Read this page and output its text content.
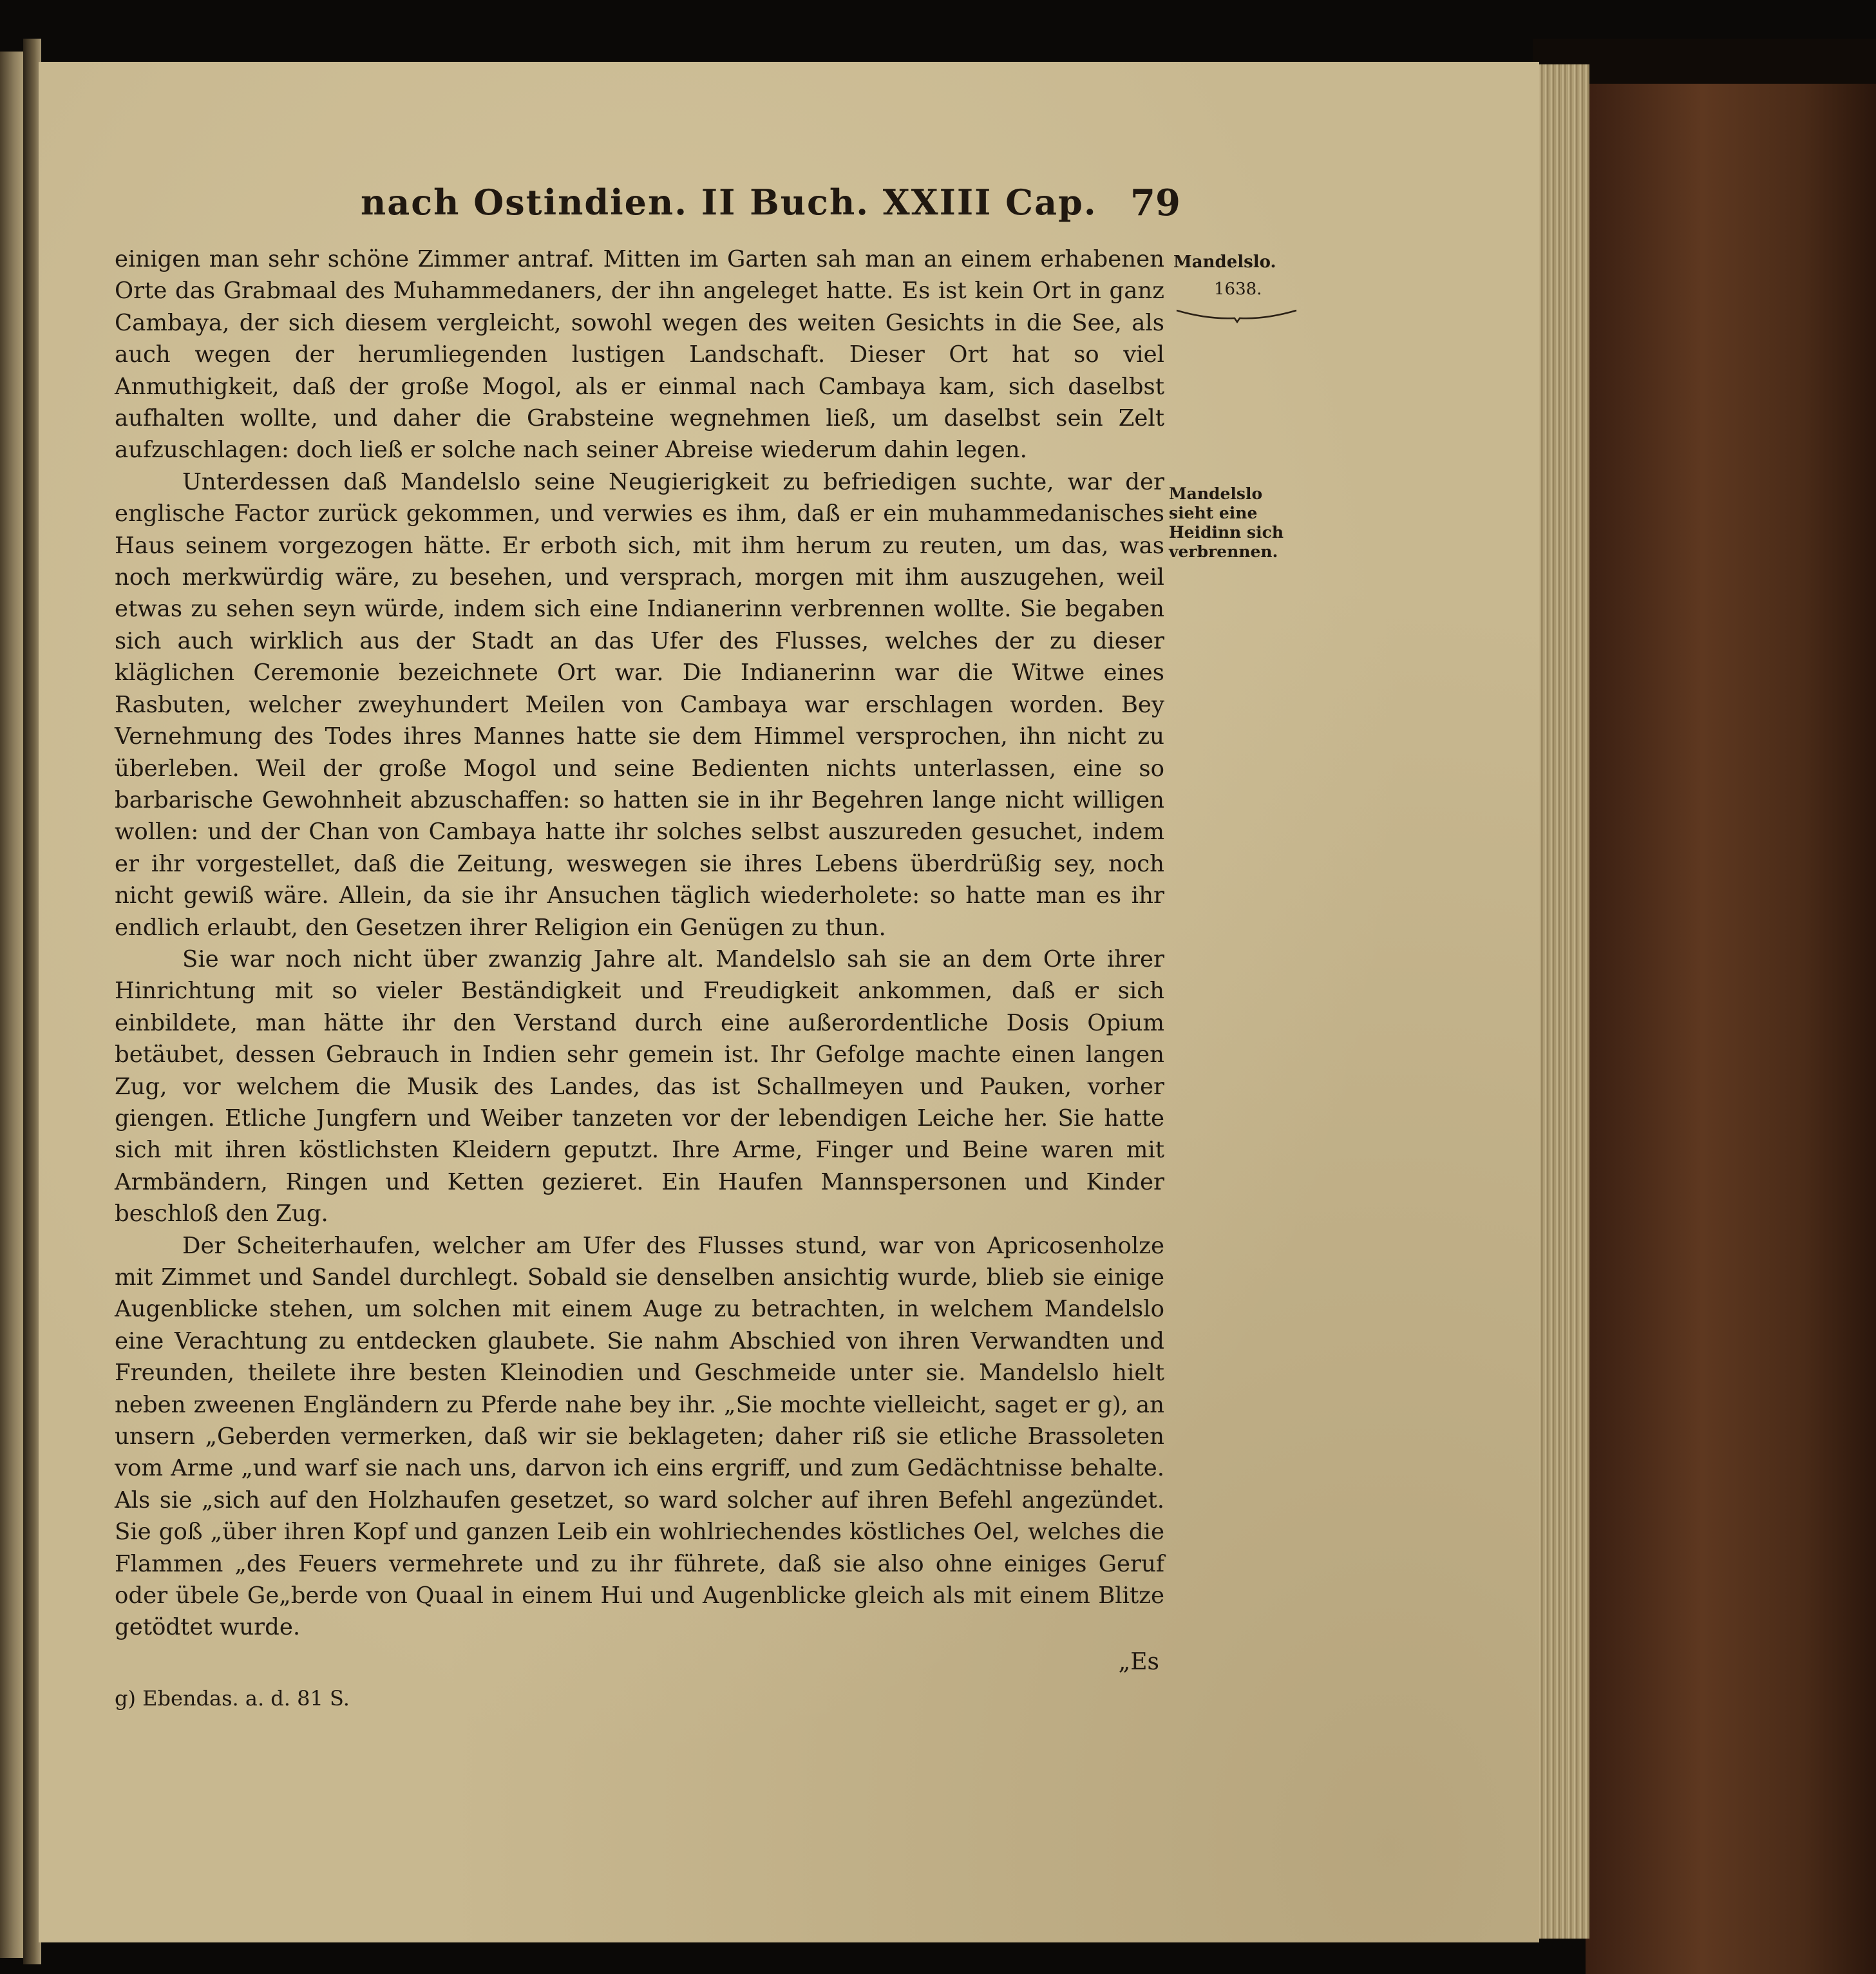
nach Ostindien. II Buch. XXIII Cap. 79
Mandelslo.
1638.
Mandelslo sieht eine Heidinn sich verbrennen.

einigen man sehr schöne Zimmer antraf. Mitten im Garten sah man an einem erhabenen Orte das Grabmaal des Muhammedaners, der ihn angeleget hatte. Es ist kein Ort in ganz Cambaya, der sich diesem vergleicht, sowohl wegen des weiten Gesichts in die See, als auch wegen der herumliegenden lustigen Landschaft. Dieser Ort hat so viel Anmuthigkeit, daß der große Mogol, als er einmal nach Cambaya kam, sich daselbst aufhalten wollte, und daher die Grabsteine wegnehmen ließ, um daselbst sein Zelt aufzuschlagen: doch ließ er solche nach seiner Abreise wiederum dahin legen.

Unterdessen daß Mandelslo seine Neugierigkeit zu befriedigen suchte, war der englische Factor zurück gekommen, und verwies es ihm, daß er ein muhammedanisches Haus seinem vorgezogen hätte. Er erboth sich, mit ihm herum zu reuten, um das, was noch merkwürdig wäre, zu besehen, und versprach, morgen mit ihm auszugehen, weil etwas zu sehen seyn würde, indem sich eine Indianerinn verbrennen wollte. Sie begaben sich auch wirklich aus der Stadt an das Ufer des Flusses, welches der zu dieser kläglichen Ceremonie bezeichnete Ort war. Die Indianerinn war die Witwe eines Rasbuten, welcher zweyhundert Meilen von Cambaya war erschlagen worden. Bey Vernehmung des Todes ihres Mannes hatte sie dem Himmel versprochen, ihn nicht zu überleben. Weil der große Mogol und seine Bedienten nichts unterlassen, eine so barbarische Gewohnheit abzuschaffen: so hatten sie in ihr Begehren lange nicht willigen wollen: und der Chan von Cambaya hatte ihr solches selbst auszureden gesuchet, indem er ihr vorgestellet, daß die Zeitung, weswegen sie ihres Lebens überdrüßig sey, noch nicht gewiß wäre. Allein, da sie ihr Ansuchen täglich wiederholete: so hatte man es ihr endlich erlaubt, den Gesetzen ihrer Religion ein Genügen zu thun.

Sie war noch nicht über zwanzig Jahre alt. Mandelslo sah sie an dem Orte ihrer Hinrichtung mit so vieler Beständigkeit und Freudigkeit ankommen, daß er sich einbildete, man hätte ihr den Verstand durch eine außerordentliche Dosis Opium betäubet, dessen Gebrauch in Indien sehr gemein ist. Ihr Gefolge machte einen langen Zug, vor welchem die Musik des Landes, das ist Schallmeyen und Pauken, vorher giengen. Etliche Jungfern und Weiber tanzeten vor der lebendigen Leiche her. Sie hatte sich mit ihren köstlichsten Kleidern geputzt. Ihre Arme, Finger und Beine waren mit Armbändern, Ringen und Ketten gezieret. Ein Haufen Mannspersonen und Kinder beschloß den Zug.

Der Scheiterhaufen, welcher am Ufer des Flusses stund, war von Apricosenholze mit Zimmet und Sandel durchlegt. Sobald sie denselben ansichtig wurde, blieb sie einige Augenblicke stehen, um solchen mit einem Auge zu betrachten, in welchem Mandelslo eine Verachtung zu entdecken glaubete. Sie nahm Abschied von ihren Verwandten und Freunden, theilete ihre besten Kleinodien und Geschmeide unter sie. Mandelslo hielt neben zweenen Engländern zu Pferde nahe bey ihr. „Sie mochte vielleicht, saget er g), an unsern „Geberden vermerken, daß wir sie beklageten; daher riß sie etliche Brassoleten vom Arme „und warf sie nach uns, darvon ich eins ergriff, und zum Gedächtnisse behalte. Als sie „sich auf den Holzhaufen gesetzet, so ward solcher auf ihren Befehl angezündet. Sie goß „über ihren Kopf und ganzen Leib ein wohlriechendes köstliches Oel, welches die Flammen „des Feuers vermehrete und zu ihr führete, daß sie also ohne einiges Geruf oder übele Ge„berde von Quaal in einem Hui und Augenblicke gleich als mit einem Blitze getödtet wurde.

„Es
g) Ebendas. a. d. 81 S.
